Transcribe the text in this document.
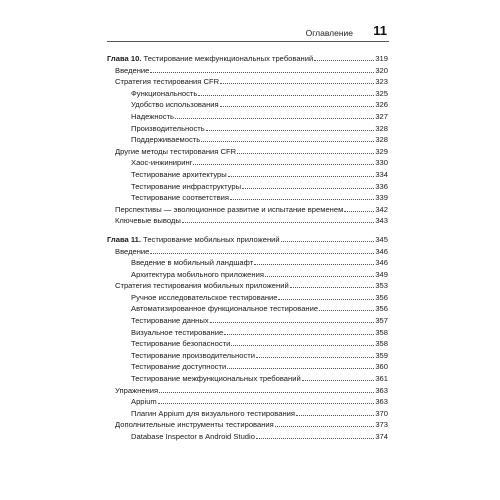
Оглавление 11
Глава 10. Тестирование межфункциональных требований	319
Введение	320
Стратегия тестирования CFR	323
Функциональность	325
Удобство использования	326
Надежность	327
Производительность	328
Поддерживаемость	328
Другие методы тестирования CFR	329
Хаос-инжиниринг	330
Тестирование архитектуры	334
Тестирование инфраструктуры	336
Тестирование соответствия	339
Перспективы — эволюционное развитие и испытание временем	342
Ключевые выводы	343
Глава 11. Тестирование мобильных приложений	345
Введение	346
Введение в мобильный ландшафт	346
Архитектура мобильного приложения	349
Стратегия тестирования мобильных приложений	353
Ручное исследовательское тестирование	356
Автоматизированное функциональное тестирование	356
Тестирование данных	357
Визуальное тестирование	358
Тестирование безопасности	358
Тестирование производительности	359
Тестирование доступности	360
Тестирование межфункциональных требований	361
Упражнения	363
Appium	363
Плагин Appium для визуального тестирования	370
Дополнительные инструменты тестирования	373
Database Inspector в Android Studio	374
